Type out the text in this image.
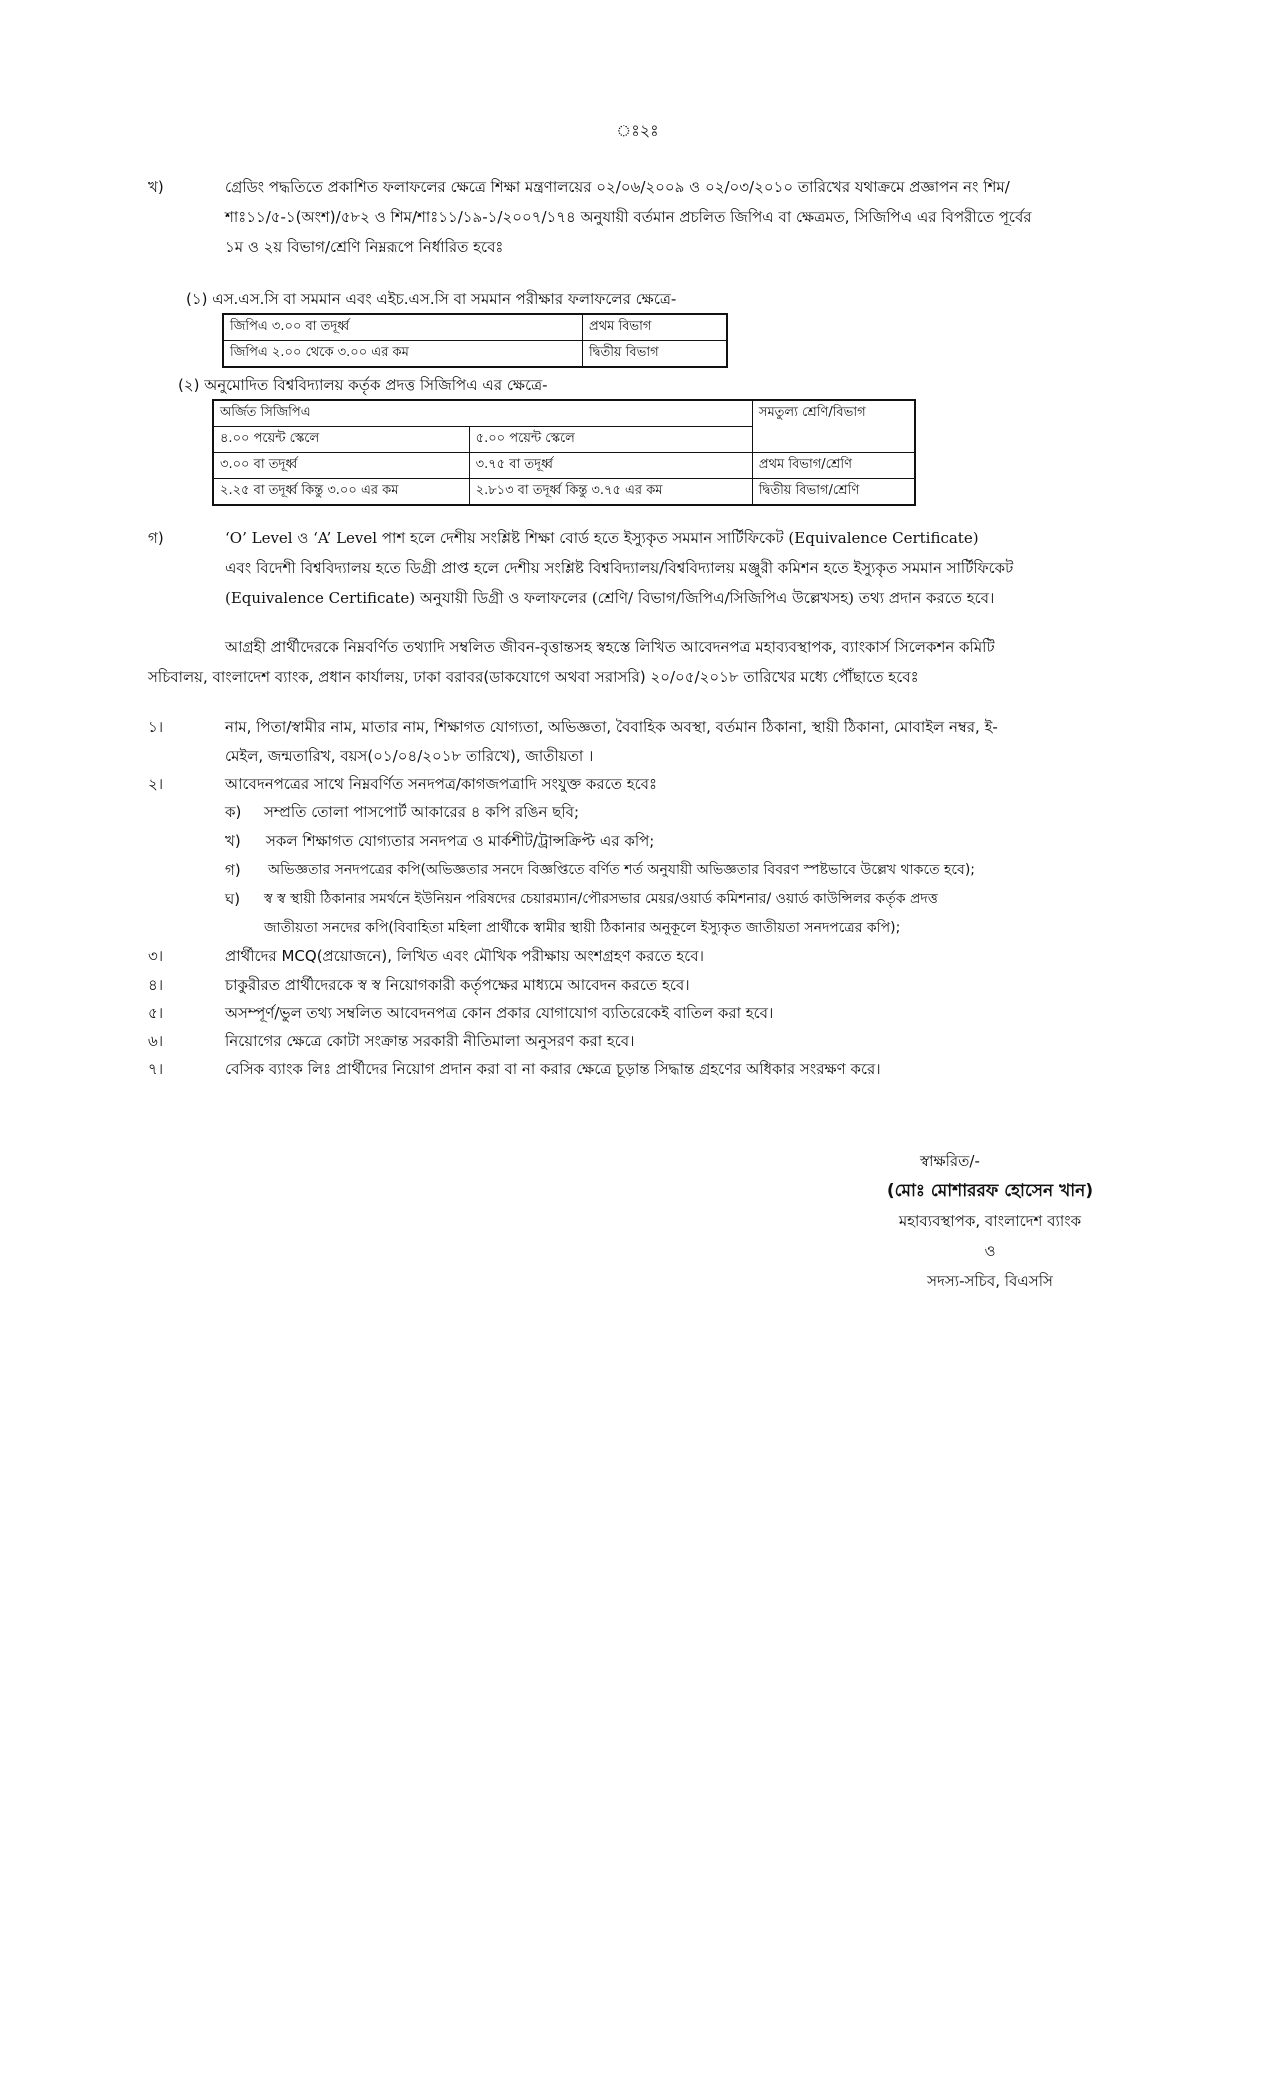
ঃ২ঃ
খ)	গ্রেডিং পদ্ধতিতে প্রকাশিত ফলাফলের ক্ষেত্রে শিক্ষা মন্ত্রণালয়ের ০২/০৬/২০০৯ ও ০২/০৩/২০১০ তারিখের যথাক্রমে প্রজ্ঞাপন নং শিম/
শাঃ১১/৫-১(অংশ)/৫৮২ ও শিম/শাঃ১১/১৯-১/২০০৭/১৭৪ অনুযায়ী বর্তমান প্রচলিত জিপিএ বা ক্ষেত্রমত, সিজিপিএ এর বিপরীতে পূর্বের
১ম ও ২য় বিভাগ/শ্রেণি নিম্নরূপে নির্ধারিত হবেঃ
(১) এস.এস.সি বা সমমান এবং এইচ.এস.সি বা সমমান পরীক্ষার ফলাফলের ক্ষেত্রে-
জিপিএ ৩.০০ বা তদূর্ধ্ব	প্রথম বিভাগ
জিপিএ ২.০০ থেকে ৩.০০ এর কম	দ্বিতীয় বিভাগ
(২) অনুমোদিত বিশ্ববিদ্যালয় কর্তৃক প্রদত্ত সিজিপিএ এর ক্ষেত্রে-
অর্জিত সিজিপিএ		সমতুল্য শ্রেণি/বিভাগ
৪.০০ পয়েন্ট স্কেলে	৫.০০ পয়েন্ট স্কেলে	
৩.০০ বা তদূর্ধ্ব	৩.৭৫ বা তদূর্ধ্ব	প্রথম বিভাগ/শ্রেণি
২.২৫ বা তদূর্ধ্ব কিন্তু ৩.০০ এর কম	২.৮১৩ বা তদূর্ধ্ব কিন্তু ৩.৭৫ এর কম	দ্বিতীয় বিভাগ/শ্রেণি
গ)	‘O’ Level ও ‘A’ Level পাশ হলে দেশীয় সংশ্লিষ্ট শিক্ষা বোর্ড হতে ইস্যুকৃত সমমান সার্টিফিকেট (Equivalence Certificate)
এবং বিদেশী বিশ্ববিদ্যালয় হতে ডিগ্রী প্রাপ্ত হলে দেশীয় সংশ্লিষ্ট বিশ্ববিদ্যালয়/বিশ্ববিদ্যালয় মঞ্জুরী কমিশন হতে ইস্যুকৃত সমমান সার্টিফিকেট
(Equivalence Certificate) অনুযায়ী ডিগ্রী ও ফলাফলের (শ্রেণি/ বিভাগ/জিপিএ/সিজিপিএ উল্লেখসহ) তথ্য প্রদান করতে হবে।
আগ্রহী প্রার্থীদেরকে নিম্নবর্ণিত তথ্যাদি সম্বলিত জীবন-বৃত্তান্তসহ স্বহস্তে লিখিত আবেদনপত্র মহাব্যবস্থাপক, ব্যাংকার্স সিলেকশন কমিটি
সচিবালয়, বাংলাদেশ ব্যাংক, প্রধান কার্যালয়, ঢাকা বরাবর(ডাকযোগে অথবা সরাসরি) ২০/০৫/২০১৮ তারিখের মধ্যে পৌঁছাতে হবেঃ
১।	নাম, পিতা/স্বামীর নাম, মাতার নাম, শিক্ষাগত যোগ্যতা, অভিজ্ঞতা, বৈবাহিক অবস্থা, বর্তমান ঠিকানা, স্থায়ী ঠিকানা, মোবাইল নম্বর, ই-
মেইল, জন্মতারিখ, বয়স(০১/০৪/২০১৮ তারিখে), জাতীয়তা ।
২।	আবেদনপত্রের সাথে নিম্নবর্ণিত সনদপত্র/কাগজপত্রাদি সংযুক্ত করতে হবেঃ
ক) সম্প্রতি তোলা পাসপোর্ট আকারের ৪ কপি রঙিন ছবি;
খ) সকল শিক্ষাগত যোগ্যতার সনদপত্র ও মার্কশীট/ট্রান্সক্রিপ্ট এর কপি;
গ) অভিজ্ঞতার সনদপত্রের কপি(অভিজ্ঞতার সনদে বিজ্ঞপ্তিতে বর্ণিত শর্ত অনুযায়ী অভিজ্ঞতার বিবরণ স্পষ্টভাবে উল্লেখ থাকতে হবে);
ঘ) স্ব স্ব স্থায়ী ঠিকানার সমর্থনে ইউনিয়ন পরিষদের চেয়ারম্যান/পৌরসভার মেয়র/ওয়ার্ড কমিশনার/ ওয়ার্ড কাউন্সিলর কর্তৃক প্রদত্ত
জাতীয়তা সনদের কপি(বিবাহিতা মহিলা প্রার্থীকে স্বামীর স্থায়ী ঠিকানার অনুকূলে ইস্যুকৃত জাতীয়তা সনদপত্রের কপি);
৩।	প্রার্থীদের MCQ(প্রয়োজনে), লিখিত এবং মৌখিক পরীক্ষায় অংশগ্রহণ করতে হবে।
৪।	চাকুরীরত প্রার্থীদেরকে স্ব স্ব নিয়োগকারী কর্তৃপক্ষের মাধ্যমে আবেদন করতে হবে।
৫।	অসম্পূর্ণ/ভুল তথ্য সম্বলিত আবেদনপত্র কোন প্রকার যোগাযোগ ব্যতিরেকেই বাতিল করা হবে।
৬।	নিয়োগের ক্ষেত্রে কোটা সংক্রান্ত সরকারী নীতিমালা অনুসরণ করা হবে।
৭।	বেসিক ব্যাংক লিঃ প্রার্থীদের নিয়োগ প্রদান করা বা না করার ক্ষেত্রে চূড়ান্ত সিদ্ধান্ত গ্রহণের অধিকার সংরক্ষণ করে।
স্বাক্ষরিত/-
(মোঃ মোশাররফ হোসেন খান)
মহাব্যবস্থাপক, বাংলাদেশ ব্যাংক
ও
সদস্য-সচিব, বিএসসি
